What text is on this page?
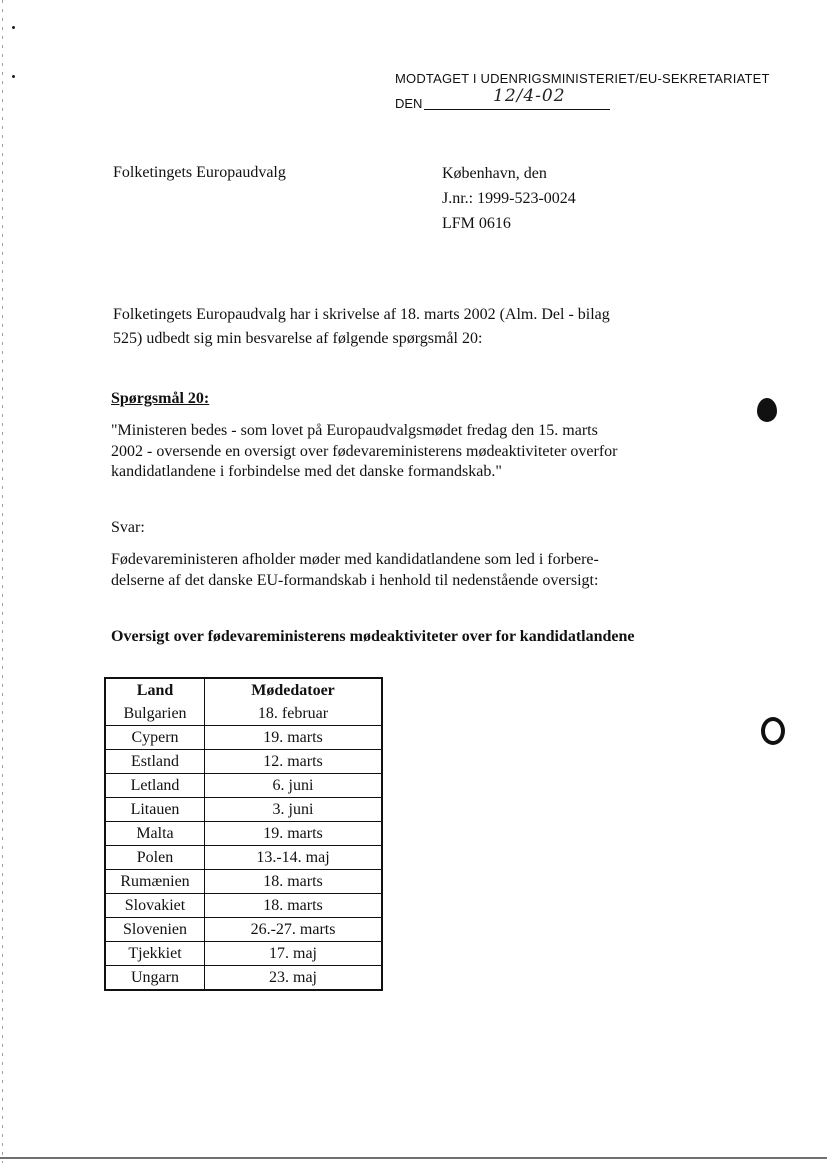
MODTAGET I UDENRIGSMINISTERIET/EU-SEKRETARIATET
DEN	12/4-02
Folketingets Europaudvalg	København, den
J.nr.: 1999-523-0024
LFM 0616
Folketingets Europaudvalg har i skrivelse af 18. marts 2002 (Alm. Del - bilag
525) udbedt sig min besvarelse af følgende spørgsmål 20:
Spørgsmål 20:
"Ministeren bedes - som lovet på Europaudvalgsmødet fredag den 15. marts
2002 - oversende en oversigt over fødevareministerens mødeaktiviteter overfor
kandidatlandene i forbindelse med det danske formandskab."
Svar:
Fødevareministeren afholder møder med kandidatlandene som led i forbere-
delserne af det danske EU-formandskab i henhold til nedenstående oversigt:
Oversigt over fødevareministerens mødeaktiviteter over for kandidatlandene
Land	Mødedatoer
Bulgarien	18. februar
Cypern	19. marts
Estland	12. marts
Letland	6. juni
Litauen	3. juni
Malta	19. marts
Polen	13.-14. maj
Rumænien	18. marts
Slovakiet	18. marts
Slovenien	26.-27. marts
Tjekkiet	17. maj
Ungarn	23. maj
